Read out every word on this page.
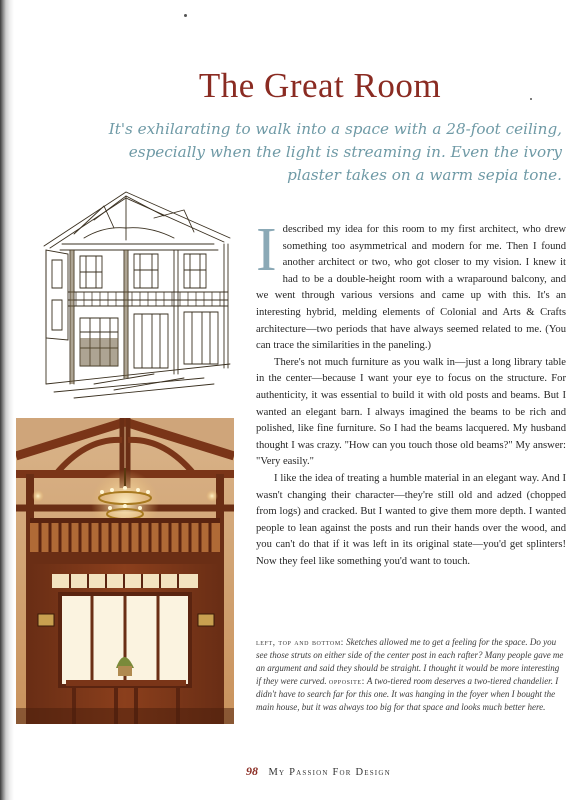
The Great Room
It's exhilarating to walk into a space with a 28-foot ceiling, especially when the light is streaming in. Even the ivory plaster takes on a warm sepia tone.

Idescribed my idea for this room to my first architect, who drew something too asymmetrical and modern for me. Then I found another architect or two, who got closer to my vision. I knew it had to be a double-height room with a wraparound balcony, and we went through various versions and came up with this. It's an interesting hybrid, melding elements of Colonial and Arts & Crafts architecture—two periods that have always seemed related to me. (You can trace the similarities in the paneling.)

There's not much furniture as you walk in—just a long library table in the center—because I want your eye to focus on the structure. For authenticity, it was essential to build it with old posts and beams. But I wanted an elegant barn. I always imagined the beams to be rich and polished, like fine furniture. So I had the beams lacquered. My husband thought I was crazy. "How can you touch those old beams?" My answer: "Very easily."

I like the idea of treating a humble material in an elegant way. And I wasn't changing their character—they're still old and adzed (chopped from logs) and cracked. But I wanted to give them more depth. I wanted people to lean against the posts and run their hands over the wood, and you can't do that if it was left in its original state—you'd get splinters! Now they feel like something you'd want to touch.

left, top and bottom: Sketches allowed me to get a feeling for the space. Do you see those struts on either side of the center post in each rafter? Many people gave me an argument and said they should be straight. I thought it would be more interesting if they were curved. opposite: A two-tiered room deserves a two-tiered chandelier. I didn't have to search far for this one. It was hanging in the foyer when I bought the main house, but it was always too big for that space and looks much better here.
98 My Passion For Design
